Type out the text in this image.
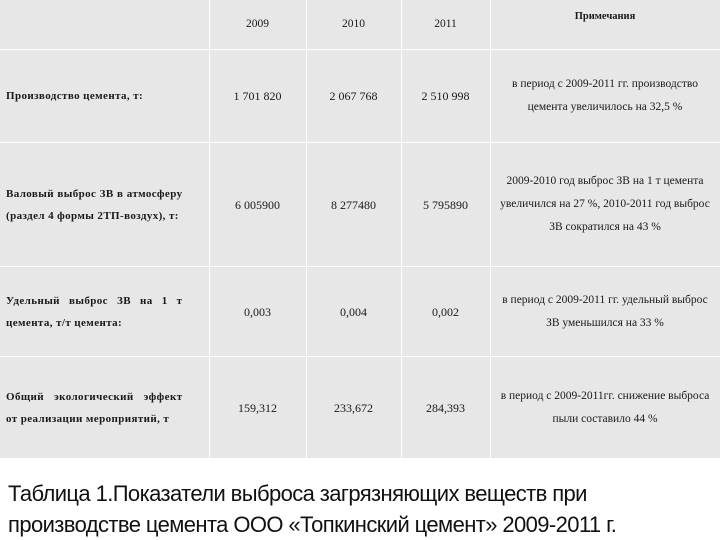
	2009	2010	2011	Примечания

Производство цемента, т:	1 701 820	2 067 768	2 510 998	в период с 2009-2011 гг. производство цемента увеличилось на 32,5 %

Валовый выброс ЗВ в атмосферу (раздел 4 формы 2ТП-воздух), т:	6 005900	8 277480	5 795890	2009-2010 год выброс ЗВ на 1 т цемента увеличился на 27 %, 2010-2011 год выброс ЗВ сократился на 43 %

Удельный выброс ЗВ на 1 т цемента, т/т цемента:	0,003	0,004	0,002	в период с 2009-2011 гг. удельный выброс ЗВ уменьшился на 33 %

Общий экологический эффект от реализации мероприятий, т	159,312	233,672	284,393	в период с 2009-2011гг. снижение выброса пыли составило 44 %
Таблица 1.Показатели выброса загрязняющих веществ при производстве цемента ООО «Топкинский цемент» 2009-2011 г.
